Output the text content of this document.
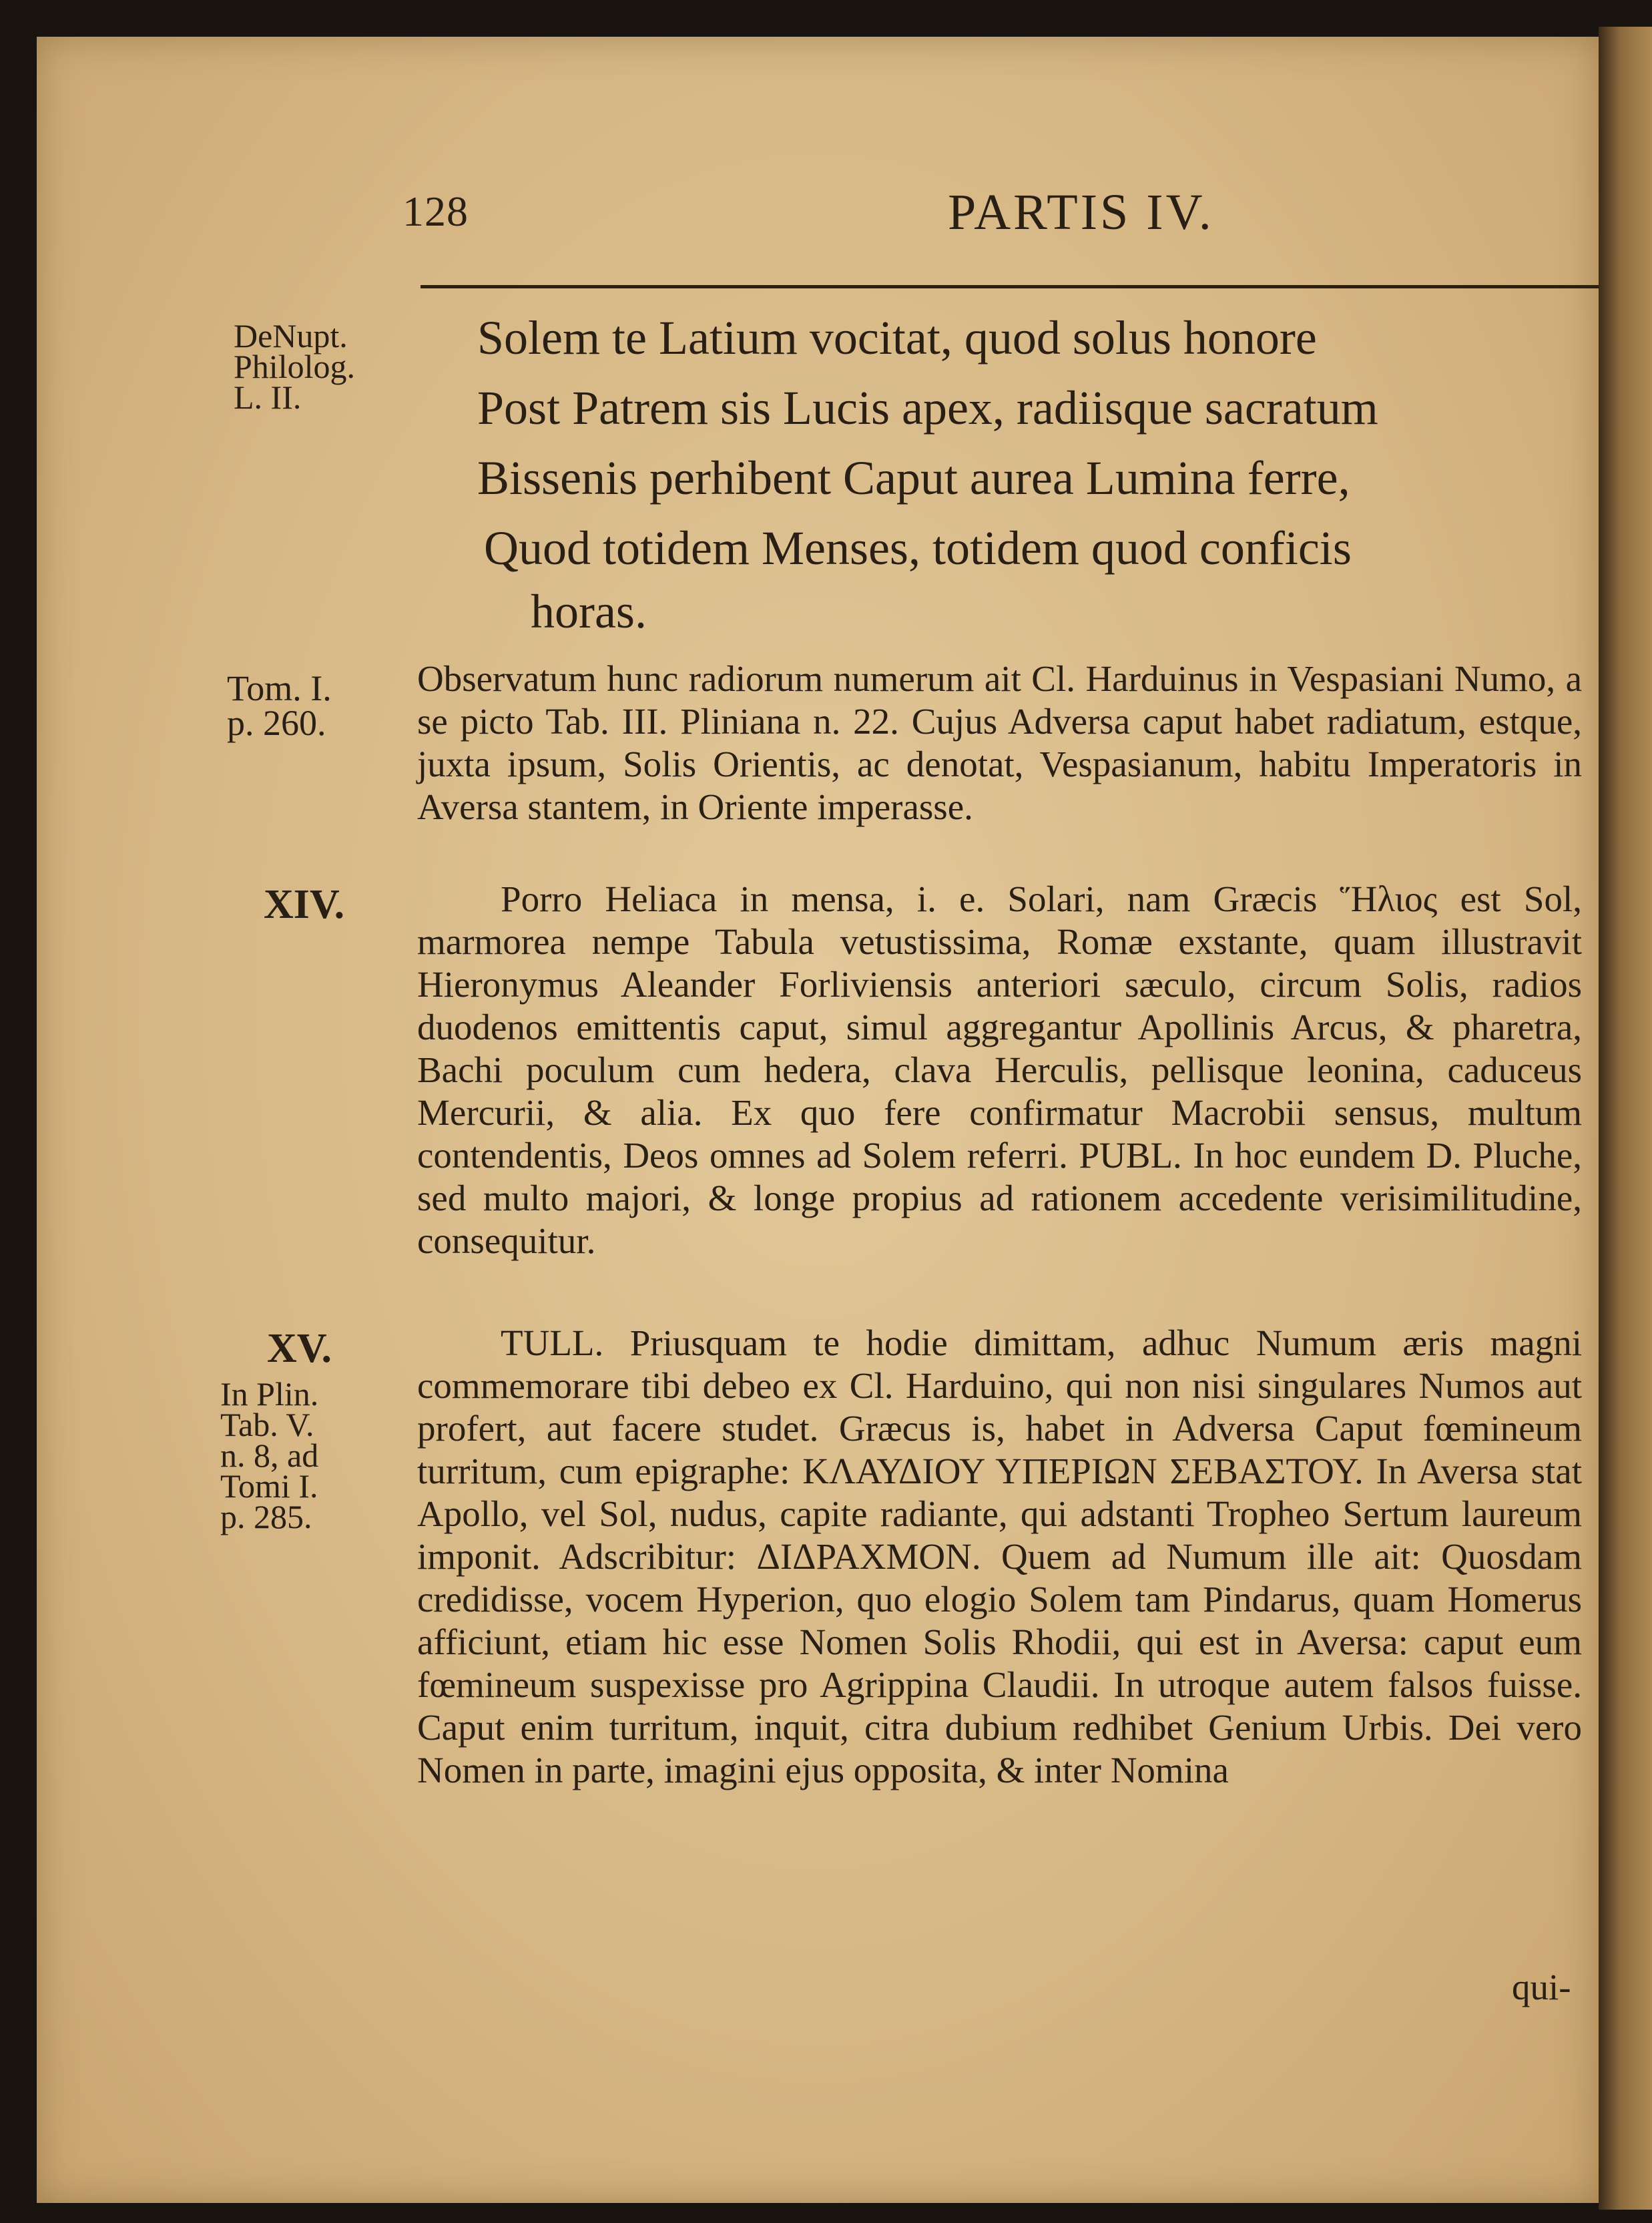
128	PARTIS IV.
DeNupt.
Philolog.
L. II.
Solem te Latium vocitat, quod solus honore
Post Patrem sis Lucis apex, radiisque sacratum
Bissenis perhibent Caput aurea Lumina ferre,
Quod totidem Menses, totidem quod conficis
horas.
Tom. I.
p. 260.
Observatum hunc radiorum numerum ait Cl. Harduinus in Vespasiani Numo, a se picto Tab. III. Pliniana n. 22. Cujus Adversa caput habet radiatum, estque, juxta ipsum, Solis Orientis, ac denotat, Vespasianum, habitu Imperatoris in Aversa stantem, in Oriente imperasse.
XIV.	Porro Heliaca in mensa, i. e. Solari, nam Græcis Ἥλιος est Sol, marmorea nempe Tabula vetustissima, Romæ exstante, quam illustravit Hieronymus Aleander Forliviensis anteriori sæculo, circum Solis, radios duodenos emittentis caput, simul aggregantur Apollinis Arcus, & pharetra, Bachi poculum cum hedera, clava Herculis, pellisque leonina, caduceus Mercurii, & alia. Ex quo fere confirmatur Macrobii sensus, multum contendentis, Deos omnes ad Solem referri. PUBL. In hoc eundem D. Pluche, sed multo majori, & longe propius ad rationem accedente verisimilitudine, consequitur.
XV.
In Plin.
Tab. V.
n. 8, ad
Tomi I.
p. 285.
TULL. Priusquam te hodie dimittam, adhuc Numum æris magni commemorare tibi debeo ex Cl. Harduino, qui non nisi singulares Numos aut profert, aut facere studet. Græcus is, habet in Adversa Caput fœmineum turritum, cum epigraphe: ΚΛΑΥΔΙΟΥ ΥΠΕΡΙΩΝ ΣΕΒΑΣΤΟΥ. In Aversa stat Apollo, vel Sol, nudus, capite radiante, qui adstanti Tropheo Sertum laureum imponit. Adscribitur: ΔΙΔΡΑΧΜΟΝ. Quem ad Numum ille ait: Quosdam credidisse, vocem Hyperion, quo elogio Solem tam Pindarus, quam Homerus afficiunt, etiam hic esse Nomen Solis Rhodii, qui est in Aversa: caput eum fœmineum suspexisse pro Agrippina Claudii. In utroque autem falsos fuisse. Caput enim turritum, inquit, citra dubium redhibet Genium Urbis. Dei vero Nomen in parte, imagini ejus opposita, & inter Nomina
qui-
